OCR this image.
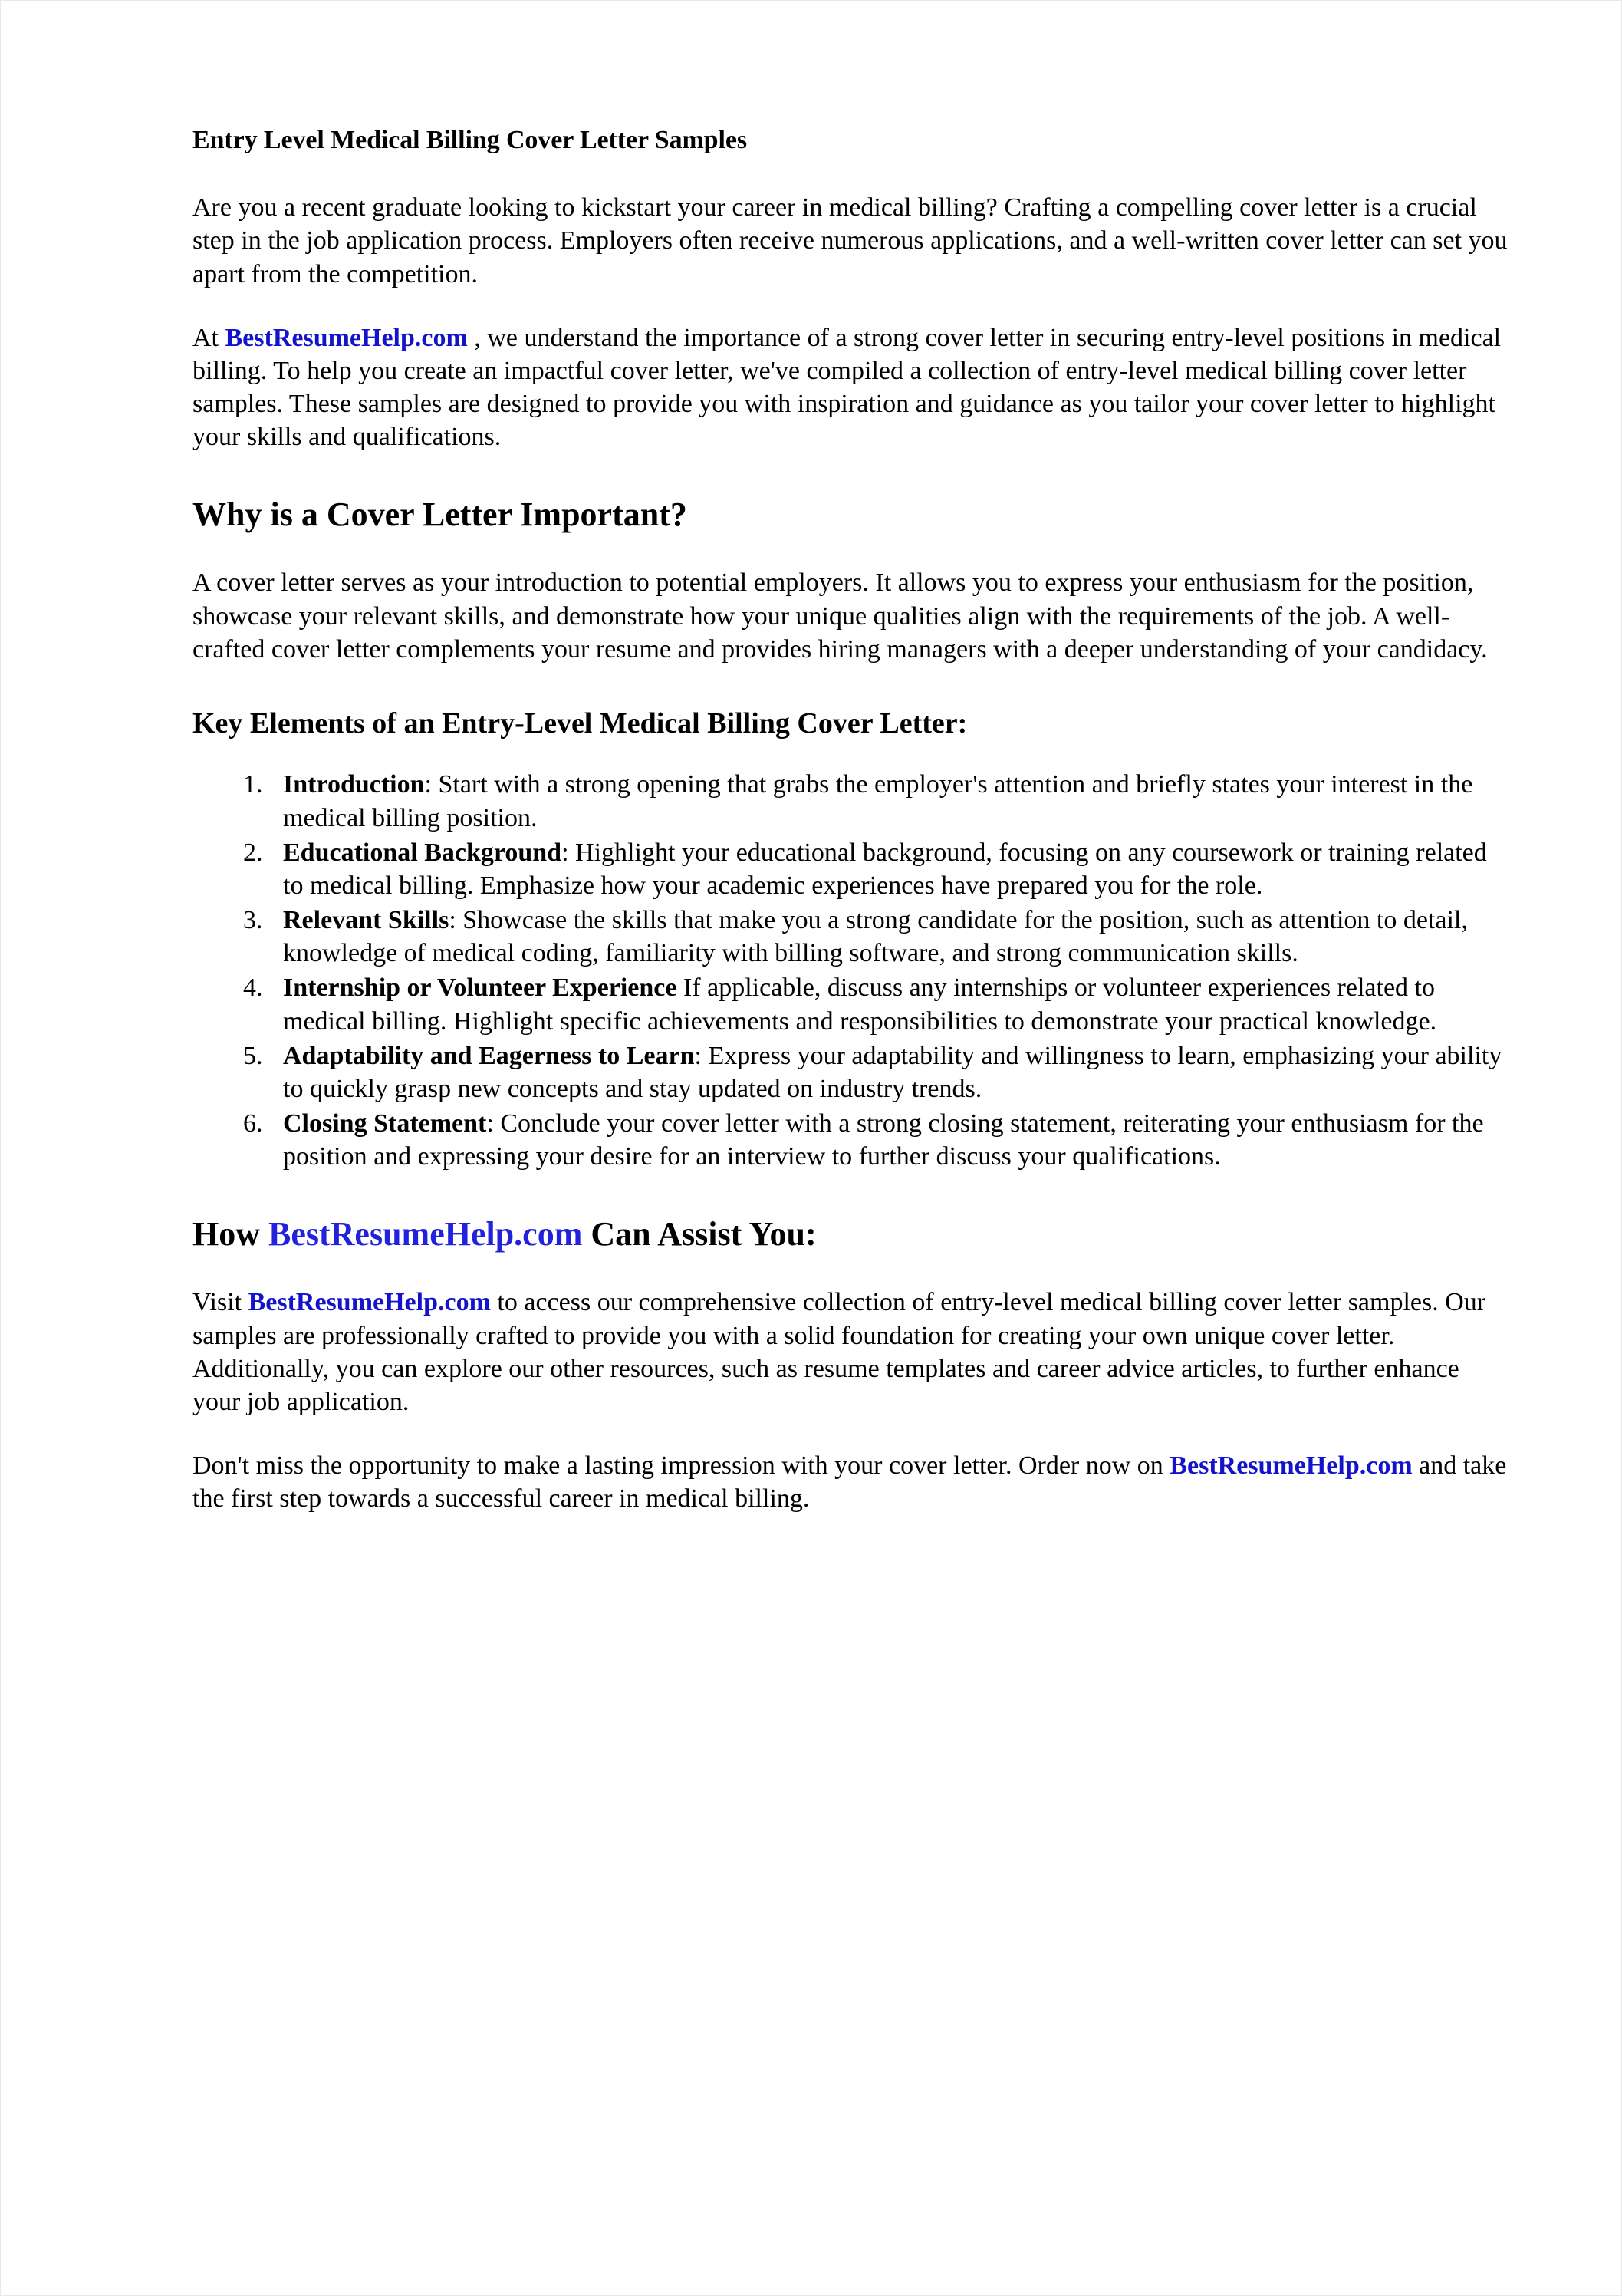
Entry Level Medical Billing Cover Letter Samples

Are you a recent graduate looking to kickstart your career in medical billing? Crafting a compelling cover letter is a crucial step in the job application process. Employers often receive numerous applications, and a well-written cover letter can set you apart from the competition.

At BestResumeHelp.com , we understand the importance of a strong cover letter in securing entry-level positions in medical billing. To help you create an impactful cover letter, we've compiled a collection of entry-level medical billing cover letter samples. These samples are designed to provide you with inspiration and guidance as you tailor your cover letter to highlight your skills and qualifications.

Why is a Cover Letter Important?

A cover letter serves as your introduction to potential employers. It allows you to express your enthusiasm for the position, showcase your relevant skills, and demonstrate how your unique qualities align with the requirements of the job. A well-crafted cover letter complements your resume and provides hiring managers with a deeper understanding of your candidacy.

Key Elements of an Entry-Level Medical Billing Cover Letter:
1. Introduction: Start with a strong opening that grabs the employer's attention and briefly states your interest in the medical billing position.
2. Educational Background: Highlight your educational background, focusing on any coursework or training related to medical billing. Emphasize how your academic experiences have prepared you for the role.
3. Relevant Skills: Showcase the skills that make you a strong candidate for the position, such as attention to detail, knowledge of medical coding, familiarity with billing software, and strong communication skills.
4. Internship or Volunteer Experience If applicable, discuss any internships or volunteer experiences related to medical billing. Highlight specific achievements and responsibilities to demonstrate your practical knowledge.
5. Adaptability and Eagerness to Learn: Express your adaptability and willingness to learn, emphasizing your ability to quickly grasp new concepts and stay updated on industry trends.
6. Closing Statement: Conclude your cover letter with a strong closing statement, reiterating your enthusiasm for the position and expressing your desire for an interview to further discuss your qualifications.
How BestResumeHelp.com Can Assist You:

Visit BestResumeHelp.com to access our comprehensive collection of entry-level medical billing cover letter samples. Our samples are professionally crafted to provide you with a solid foundation for creating your own unique cover letter. Additionally, you can explore our other resources, such as resume templates and career advice articles, to further enhance your job application.

Don't miss the opportunity to make a lasting impression with your cover letter. Order now on BestResumeHelp.com and take the first step towards a successful career in medical billing.
